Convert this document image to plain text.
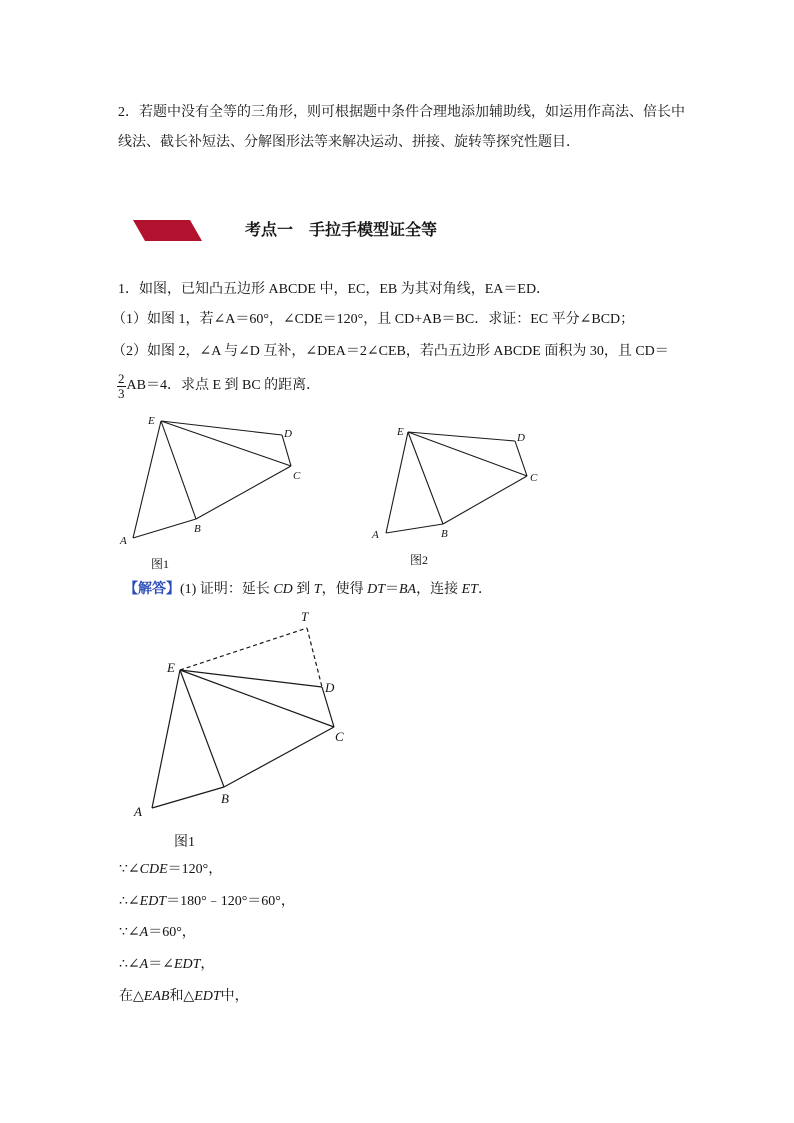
2．若题中没有全等的三角形，则可根据题中条件合理地添加辅助线，如运用作高法、倍长中
线法、截长补短法、分解图形法等来解决运动、拼接、旋转等探究性题目．
考点一　手拉手模型证全等
1．如图，已知凸五边形 ABCDE 中，EC，EB 为其对角线，EA＝ED．
（1）如图 1，若∠A＝60°，∠CDE＝120°，且 CD+AB＝BC．求证：EC 平分∠BCD；
（2）如图 2，∠A 与∠D 互补，∠DEA＝2∠CEB，若凸五边形 ABCDE 面积为 30，且 CD＝
$\frac{2}{3} AB=4$．求点 E 到 BC 的距离．
E
D
C
B
A
图1
E	D
C
B
A
图2
【解答】(1) 证明：延长 CD 到 T，使得 DT＝BA，连接 ET．
T
E
D
C
B
A
图1
∵∠CDE＝120°，
∴∠EDT＝180°﹣120°＝60°，
∵∠A＝60°，
∴∠A＝∠EDT，
在△EAB和△EDT中，
